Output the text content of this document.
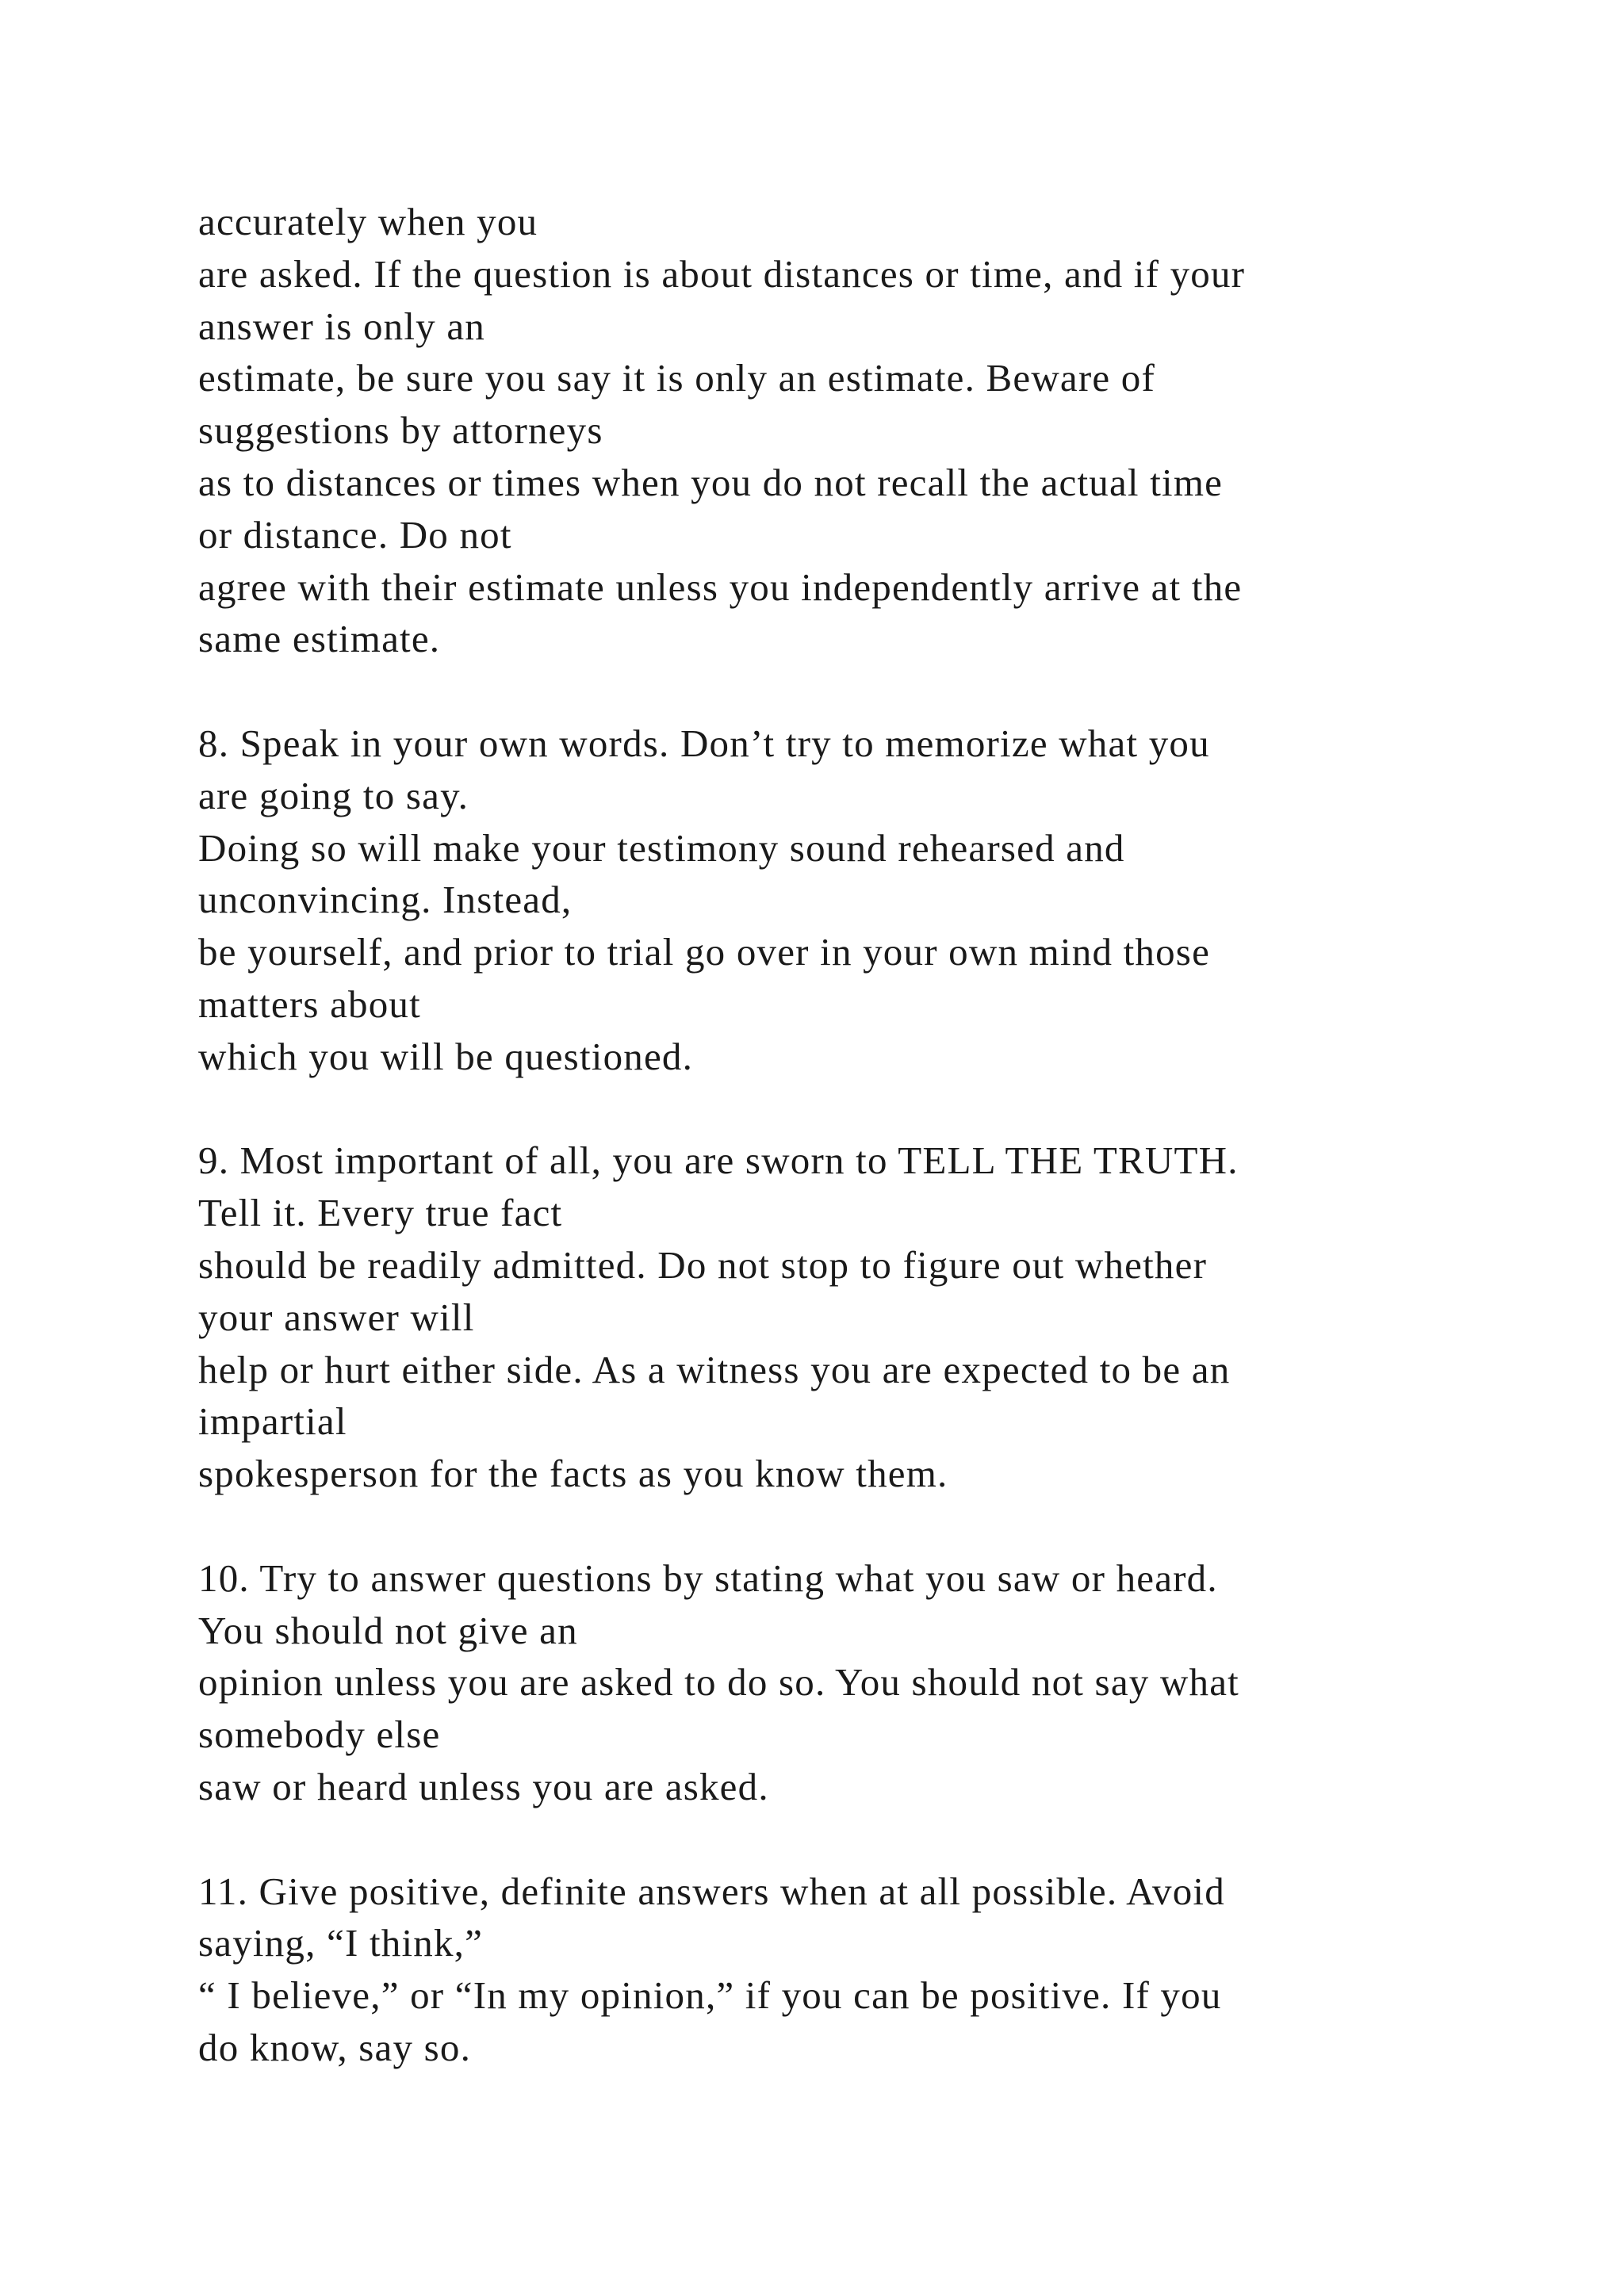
accurately when you
are asked. If the question is about distances or time, and if your
answer is only an
estimate, be sure you say it is only an estimate. Beware of
suggestions by attorneys
as to distances or times when you do not recall the actual time
or distance. Do not
agree with their estimate unless you independently arrive at the
same estimate.
8. Speak in your own words. Don’t try to memorize what you
are going to say.
Doing so will make your testimony sound rehearsed and
unconvincing. Instead,
be yourself, and prior to trial go over in your own mind those
matters about
which you will be questioned.
9. Most important of all, you are sworn to TELL THE TRUTH.
Tell it. Every true fact
should be readily admitted. Do not stop to figure out whether
your answer will
help or hurt either side. As a witness you are expected to be an
impartial
spokesperson for the facts as you know them.
10. Try to answer questions by stating what you saw or heard.
You should not give an
opinion unless you are asked to do so. You should not say what
somebody else
saw or heard unless you are asked.
11. Give positive, definite answers when at all possible. Avoid
saying, “I think,”
“ I believe,” or “In my opinion,” if you can be positive. If you
do know, say so.
